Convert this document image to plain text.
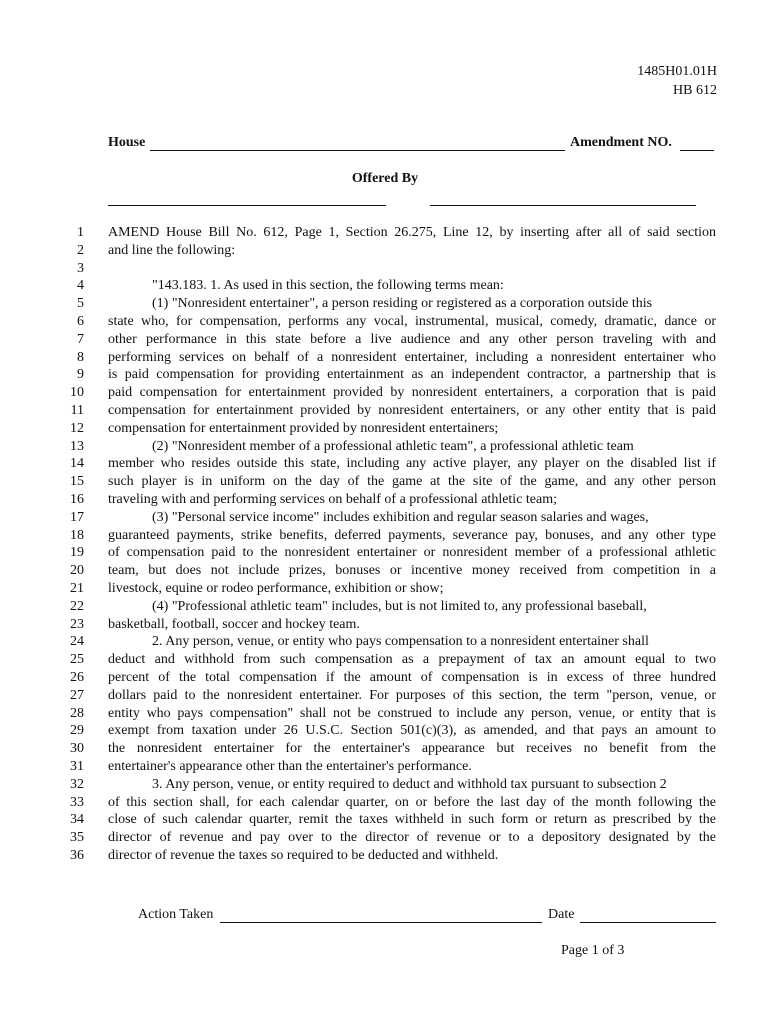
1485H01.01H
HB 612
House	Amendment NO.
Offered By
1 AMEND House Bill No. 612, Page 1, Section 26.275, Line 12, by inserting after all of said section
2 and line the following:
3
4	"143.183. 1. As used in this section, the following terms mean:
5	(1) "Nonresident entertainer", a person residing or registered as a corporation outside this
6 state who, for compensation, performs any vocal, instrumental, musical, comedy, dramatic, dance or
7 other performance in this state before a live audience and any other person traveling with and
8 performing services on behalf of a nonresident entertainer, including a nonresident entertainer who
9 is paid compensation for providing entertainment as an independent contractor, a partnership that is
10 paid compensation for entertainment provided by nonresident entertainers, a corporation that is paid
11 compensation for entertainment provided by nonresident entertainers, or any other entity that is paid
12 compensation for entertainment provided by nonresident entertainers;
13	(2) "Nonresident member of a professional athletic team", a professional athletic team
14 member who resides outside this state, including any active player, any player on the disabled list if
15 such player is in uniform on the day of the game at the site of the game, and any other person
16 traveling with and performing services on behalf of a professional athletic team;
17	(3) "Personal service income" includes exhibition and regular season salaries and wages,
18 guaranteed payments, strike benefits, deferred payments, severance pay, bonuses, and any other type
19 of compensation paid to the nonresident entertainer or nonresident member of a professional athletic
20 team, but does not include prizes, bonuses or incentive money received from competition in a
21 livestock, equine or rodeo performance, exhibition or show;
22	(4) "Professional athletic team" includes, but is not limited to, any professional baseball,
23 basketball, football, soccer and hockey team.
24	2. Any person, venue, or entity who pays compensation to a nonresident entertainer shall
25 deduct and withhold from such compensation as a prepayment of tax an amount equal to two
26 percent of the total compensation if the amount of compensation is in excess of three hundred
27 dollars paid to the nonresident entertainer. For purposes of this section, the term "person, venue, or
28 entity who pays compensation" shall not be construed to include any person, venue, or entity that is
29 exempt from taxation under 26 U.S.C. Section 501(c)(3), as amended, and that pays an amount to
30 the nonresident entertainer for the entertainer's appearance but receives no benefit from the
31 entertainer's appearance other than the entertainer's performance.
32	3. Any person, venue, or entity required to deduct and withhold tax pursuant to subsection 2
33 of this section shall, for each calendar quarter, on or before the last day of the month following the
34 close of such calendar quarter, remit the taxes withheld in such form or return as prescribed by the
35 director of revenue and pay over to the director of revenue or to a depository designated by the
36 director of revenue the taxes so required to be deducted and withheld.
Action Taken	Date
Page 1 of 3
